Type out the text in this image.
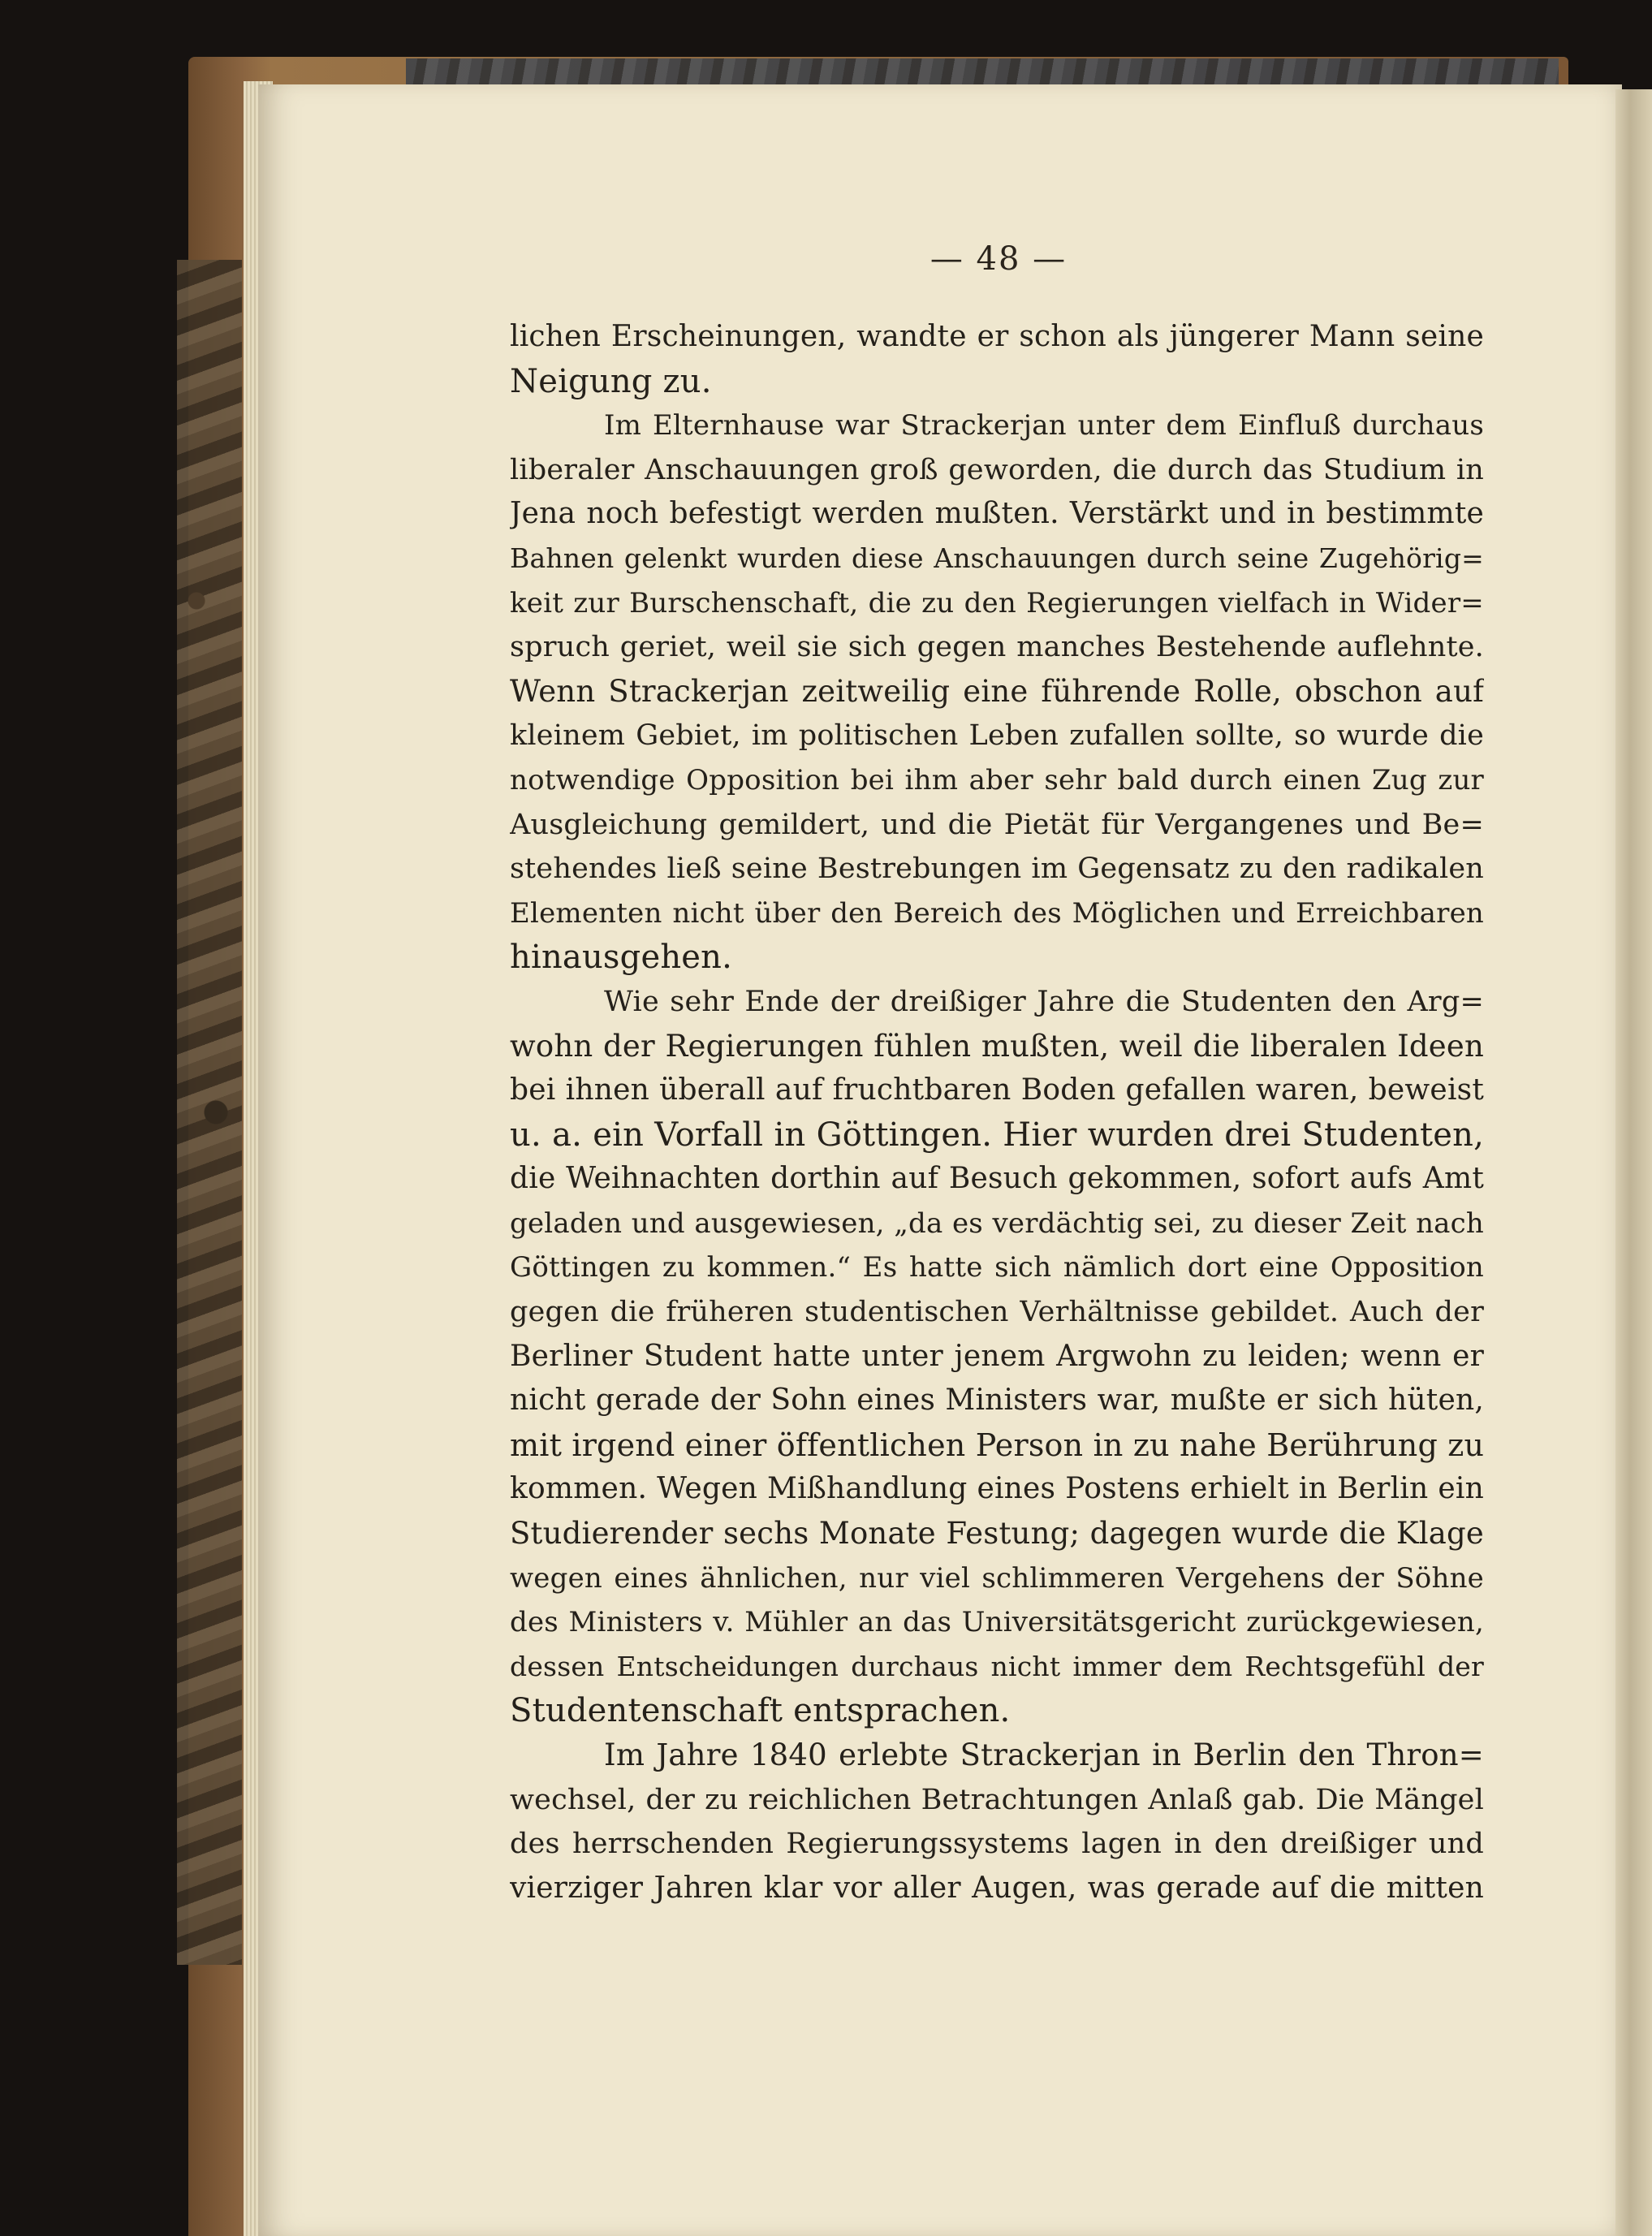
— 48 —
lichen Erscheinungen, wandte er schon als jüngerer Mann seine
Neigung zu.
Im Elternhause war Strackerjan unter dem Einfluß durchaus
liberaler Anschauungen groß geworden, die durch das Studium in
Jena noch befestigt werden mußten. Verstärkt und in bestimmte
Bahnen gelenkt wurden diese Anschauungen durch seine Zugehörig=
keit zur Burschenschaft, die zu den Regierungen vielfach in Wider=
spruch geriet, weil sie sich gegen manches Bestehende auflehnte.
Wenn Strackerjan zeitweilig eine führende Rolle, obschon auf
kleinem Gebiet, im politischen Leben zufallen sollte, so wurde die
notwendige Opposition bei ihm aber sehr bald durch einen Zug zur
Ausgleichung gemildert, und die Pietät für Vergangenes und Be=
stehendes ließ seine Bestrebungen im Gegensatz zu den radikalen
Elementen nicht über den Bereich des Möglichen und Erreichbaren
hinausgehen.
Wie sehr Ende der dreißiger Jahre die Studenten den Arg=
wohn der Regierungen fühlen mußten, weil die liberalen Ideen
bei ihnen überall auf fruchtbaren Boden gefallen waren, beweist
u. a. ein Vorfall in Göttingen. Hier wurden drei Studenten,
die Weihnachten dorthin auf Besuch gekommen, sofort aufs Amt
geladen und ausgewiesen, „da es verdächtig sei, zu dieser Zeit nach
Göttingen zu kommen.“ Es hatte sich nämlich dort eine Opposition
gegen die früheren studentischen Verhältnisse gebildet. Auch der
Berliner Student hatte unter jenem Argwohn zu leiden; wenn er
nicht gerade der Sohn eines Ministers war, mußte er sich hüten,
mit irgend einer öffentlichen Person in zu nahe Berührung zu
kommen. Wegen Mißhandlung eines Postens erhielt in Berlin ein
Studierender sechs Monate Festung; dagegen wurde die Klage
wegen eines ähnlichen, nur viel schlimmeren Vergehens der Söhne
des Ministers v. Mühler an das Universitätsgericht zurückgewiesen,
dessen Entscheidungen durchaus nicht immer dem Rechtsgefühl der
Studentenschaft entsprachen.
Im Jahre 1840 erlebte Strackerjan in Berlin den Thron=
wechsel, der zu reichlichen Betrachtungen Anlaß gab. Die Mängel
des herrschenden Regierungssystems lagen in den dreißiger und
vierziger Jahren klar vor aller Augen, was gerade auf die mitten
